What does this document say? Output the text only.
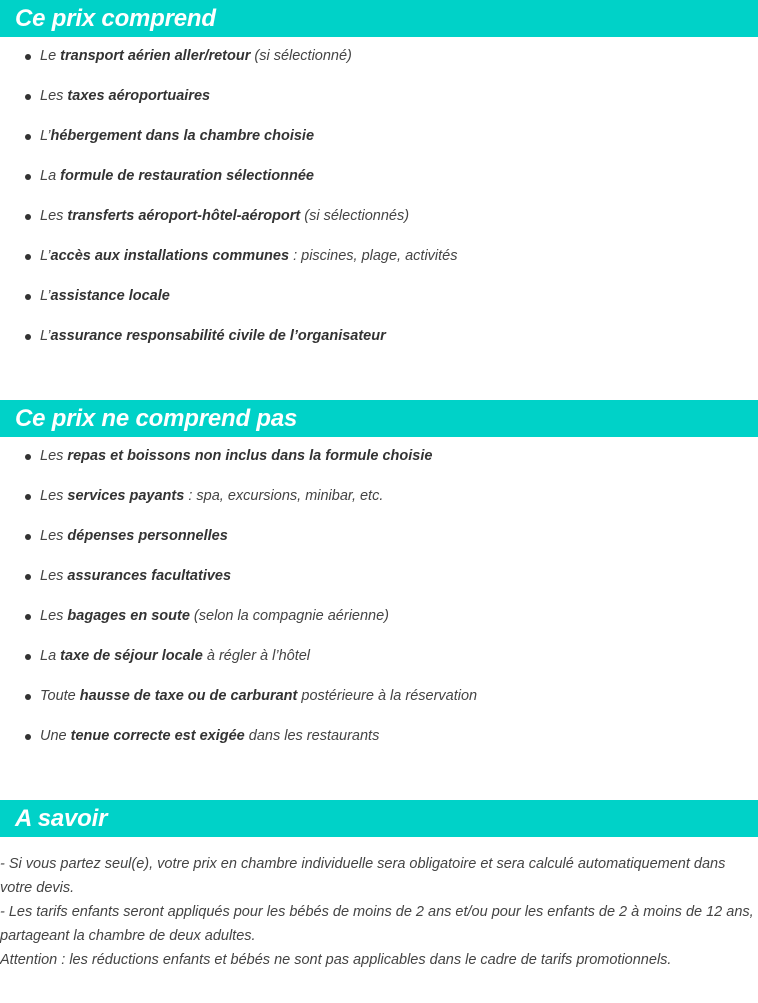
Ce prix comprend
Le transport aérien aller/retour (si sélectionné)
Les taxes aéroportuaires
L’hébergement dans la chambre choisie
La formule de restauration sélectionnée
Les transferts aéroport-hôtel-aéroport (si sélectionnés)
L’accès aux installations communes : piscines, plage, activités
L’assistance locale
L’assurance responsabilité civile de l’organisateur
Ce prix ne comprend pas
Les repas et boissons non inclus dans la formule choisie
Les services payants : spa, excursions, minibar, etc.
Les dépenses personnelles
Les assurances facultatives
Les bagages en soute (selon la compagnie aérienne)
La taxe de séjour locale à régler à l’hôtel
Toute hausse de taxe ou de carburant postérieure à la réservation
Une tenue correcte est exigée dans les restaurants
A savoir

- Si vous partez seul(e), votre prix en chambre individuelle sera obligatoire et sera calculé automatiquement dans votre devis.

- Les tarifs enfants seront appliqués pour les bébés de moins de 2 ans et/ou pour les enfants de 2 à moins de 12 ans, partageant la chambre de deux adultes.

Attention : les réductions enfants et bébés ne sont pas applicables dans le cadre de tarifs promotionnels.
